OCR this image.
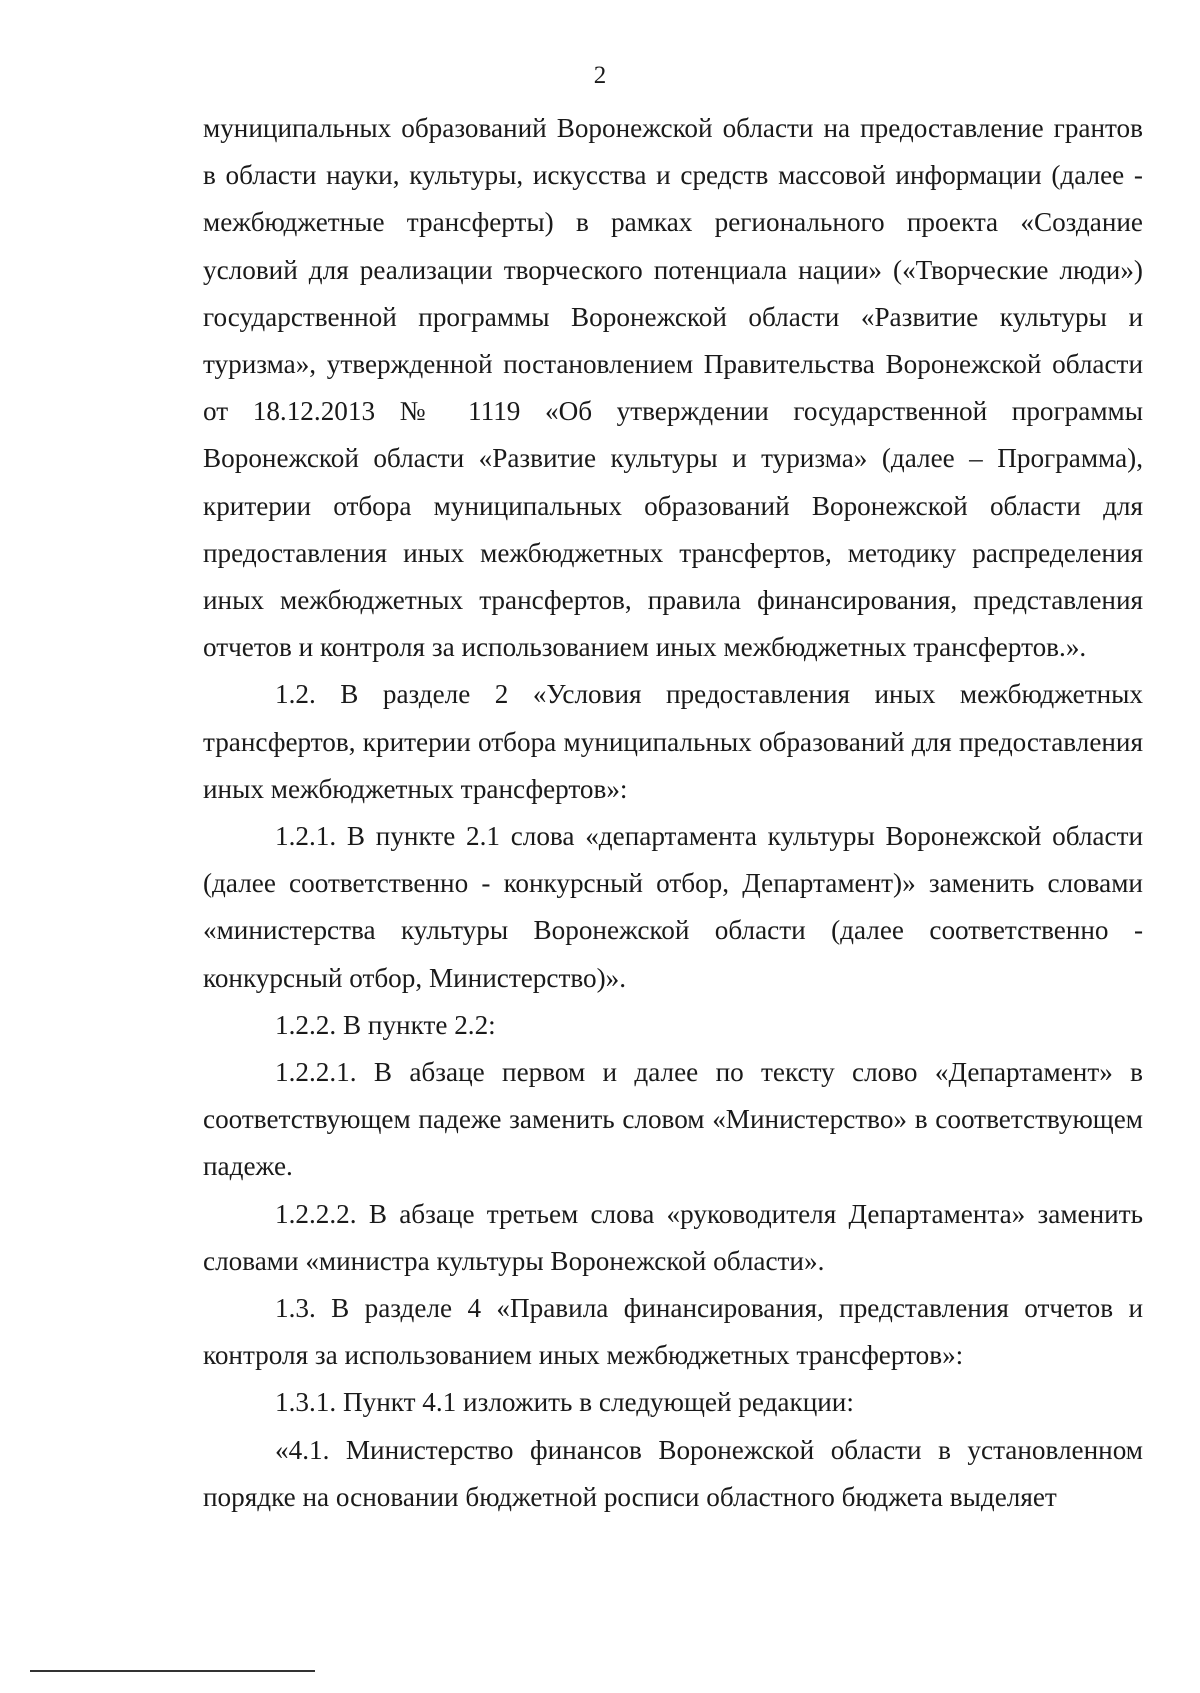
2

муниципальных образований Воронежской области на предоставление грантов в области науки, культуры, искусства и средств массовой информации (далее - межбюджетные трансферты) в рамках регионального проекта «Создание условий для реализации творческого потенциала нации» («Творческие люди») государственной программы Воронежской области «Развитие культуры и туризма», утвержденной постановлением Правительства Воронежской области от 18.12.2013 № 1119 «Об утверждении государственной программы Воронежской области «Развитие культуры и туризма» (далее – Программа), критерии отбора муниципальных образований Воронежской области для предоставления иных межбюджетных трансфертов, методику распределения иных межбюджетных трансфертов, правила финансирования, представления отчетов и контроля за использованием иных межбюджетных трансфертов.».

1.2. В разделе 2 «Условия предоставления иных межбюджетных трансфертов, критерии отбора муниципальных образований для предоставления иных межбюджетных трансфертов»:

1.2.1. В пункте 2.1 слова «департамента культуры Воронежской области (далее соответственно - конкурсный отбор, Департамент)» заменить словами «министерства культуры Воронежской области (далее соответственно - конкурсный отбор, Министерство)».

1.2.2. В пункте 2.2:

1.2.2.1. В абзаце первом и далее по тексту слово «Департамент» в соответствующем падеже заменить словом «Министерство» в соответствующем падеже.

1.2.2.2. В абзаце третьем слова «руководителя Департамента» заменить словами «министра культуры Воронежской области».

1.3. В разделе 4 «Правила финансирования, представления отчетов и контроля за использованием иных межбюджетных трансфертов»:

1.3.1. Пункт 4.1 изложить в следующей редакции:

«4.1. Министерство финансов Воронежской области в установленном порядке на основании бюджетной росписи областного бюджета выделяет
